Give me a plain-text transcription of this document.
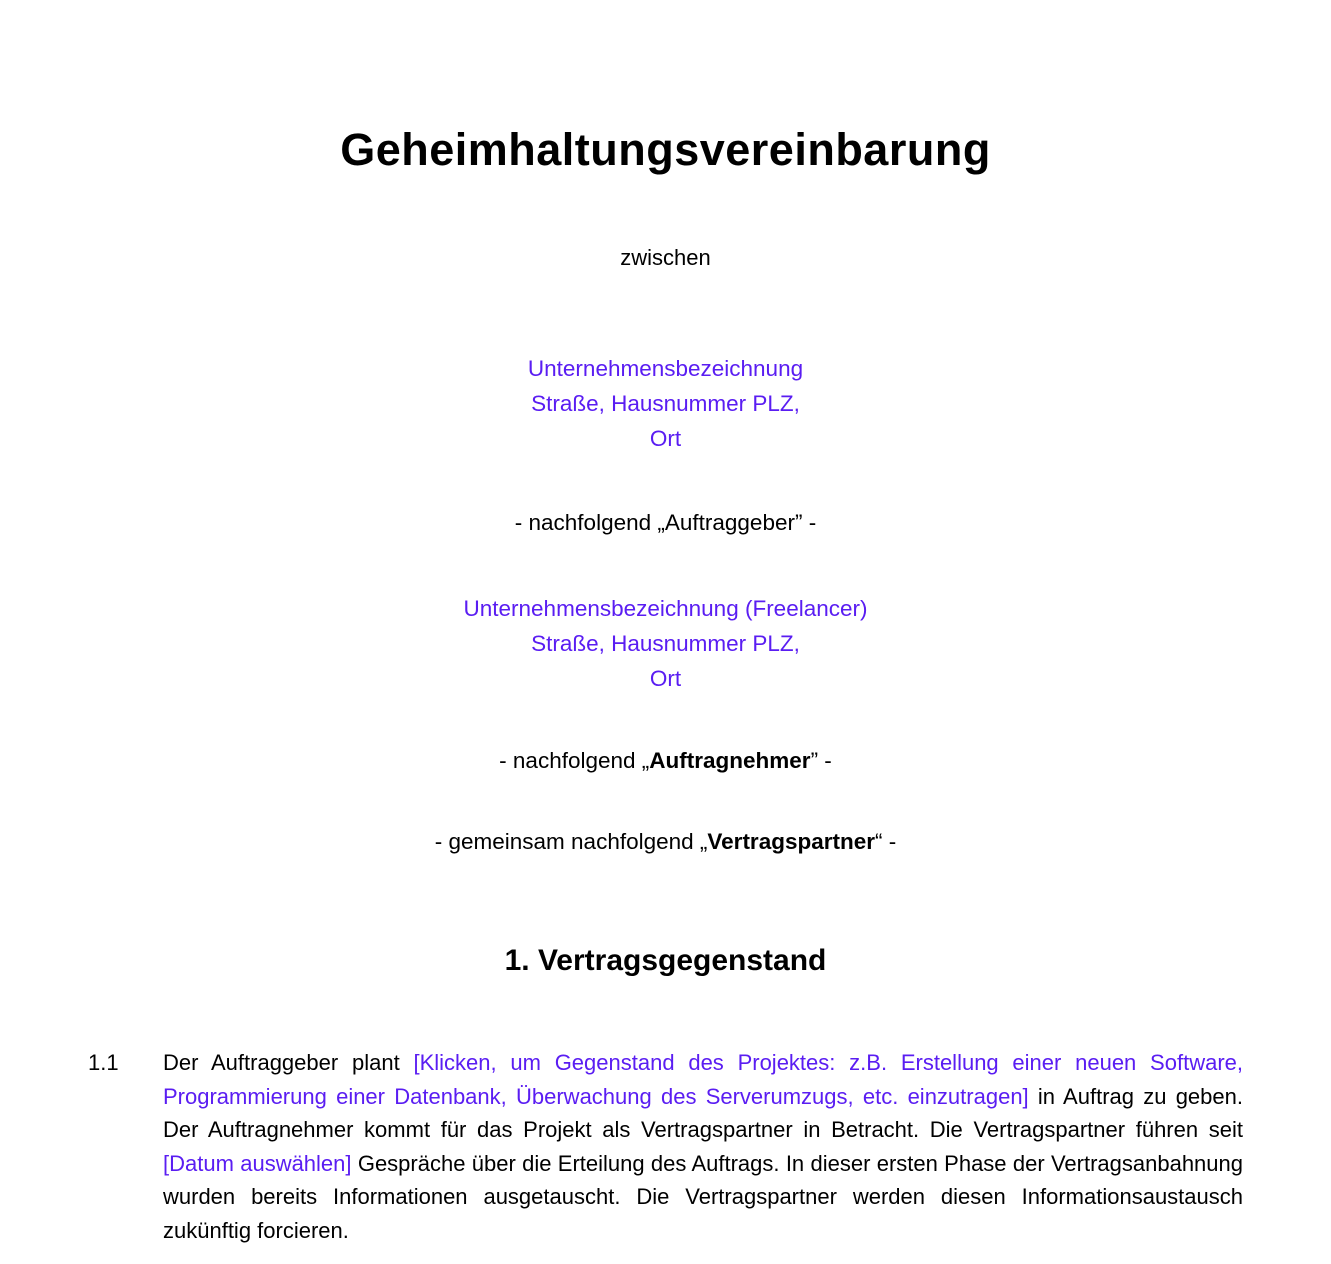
Geheimhaltungsvereinbarung
zwischen
Unternehmensbezeichnung
Straße, Hausnummer PLZ,
Ort
- nachfolgend „Auftraggeber” -
Unternehmensbezeichnung (Freelancer)
Straße, Hausnummer PLZ,
Ort
- nachfolgend „Auftragnehmer” -
- gemeinsam nachfolgend „Vertragspartner“ -
1. Vertragsgegenstand
1.1	Der Auftraggeber plant [Klicken, um Gegenstand des Projektes: z.B. Erstellung einer neuen Software, Programmierung einer Datenbank, Überwachung des Serverumzugs, etc. einzutragen] in Auftrag zu geben. Der Auftragnehmer kommt für das Projekt als Vertragspartner in Betracht. Die Vertragspartner führen seit [Datum auswählen] Gespräche über die Erteilung des Auftrags. In dieser ersten Phase der Vertragsanbahnung wurden bereits Informationen ausgetauscht. Die Vertragspartner werden diesen Informationsaustausch zukünftig forcieren.
